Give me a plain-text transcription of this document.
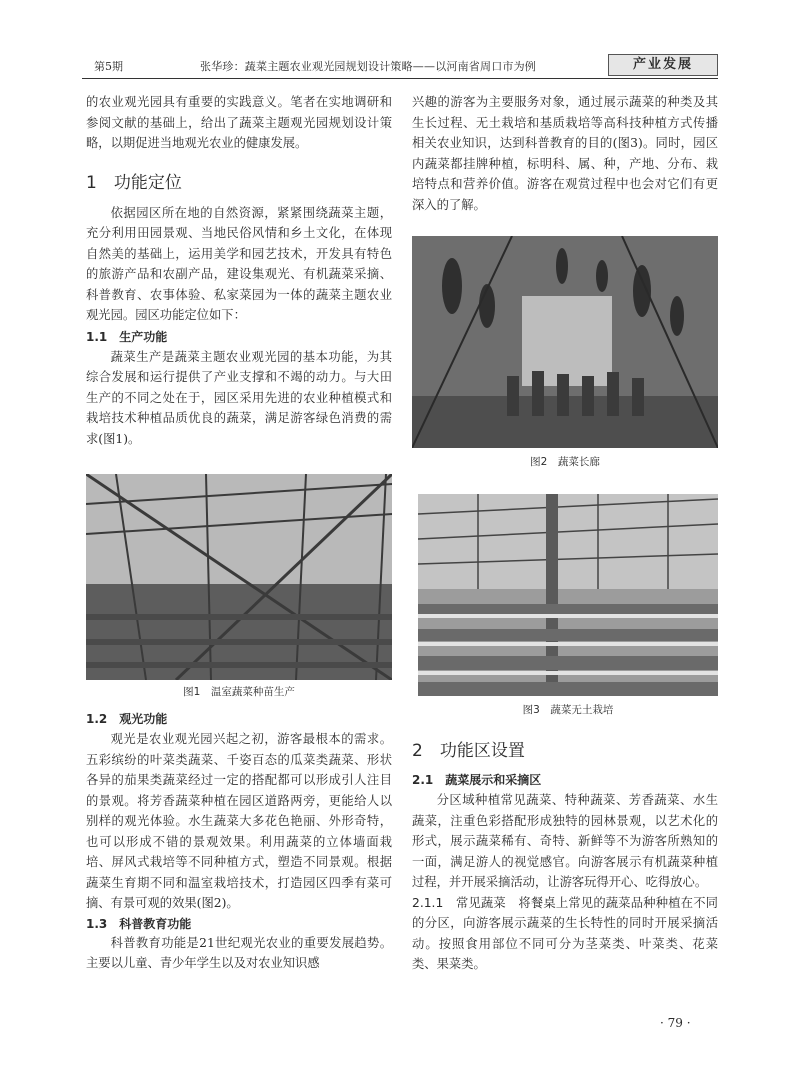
第5期	张华珍：蔬菜主题农业观光园规划设计策略——以河南省周口市为例	产业发展

的农业观光园具有重要的实践意义。笔者在实地调研和参阅文献的基础上，给出了蔬菜主题观光园规划设计策略，以期促进当地观光农业的健康发展。

1　功能定位

依据园区所在地的自然资源，紧紧围绕蔬菜主题，充分利用田园景观、当地民俗风情和乡土文化，在体现自然美的基础上，运用美学和园艺技术，开发具有特色的旅游产品和农副产品，建设集观光、有机蔬菜采摘、科普教育、农事体验、私家菜园为一体的蔬菜主题农业观光园。园区功能定位如下：

1.1　生产功能

蔬菜生产是蔬菜主题农业观光园的基本功能，为其综合发展和运行提供了产业支撑和不竭的动力。与大田生产的不同之处在于，园区采用先进的农业种植模式和栽培技术种植品质优良的蔬菜，满足游客绿色消费的需求(图1)。

图1　温室蔬菜种苗生产
1.2　观光功能

观光是农业观光园兴起之初，游客最根本的需求。五彩缤纷的叶菜类蔬菜、千姿百态的瓜菜类蔬菜、形状各异的茄果类蔬菜经过一定的搭配都可以形成引人注目的景观。将芳香蔬菜种植在园区道路两旁，更能给人以别样的观光体验。水生蔬菜大多花色艳丽、外形奇特，也可以形成不错的景观效果。利用蔬菜的立体墙面栽培、屏风式栽培等不同种植方式，塑造不同景观。根据蔬菜生育期不同和温室栽培技术，打造园区四季有菜可摘、有景可观的效果(图2)。

1.3　科普教育功能

科普教育功能是21世纪观光农业的重要发展趋势。主要以儿童、青少年学生以及对农业知识感

兴趣的游客为主要服务对象，通过展示蔬菜的种类及其生长过程、无土栽培和基质栽培等高科技种植方式传播相关农业知识，达到科普教育的目的(图3)。同时，园区内蔬菜都挂牌种植，标明科、属、种，产地、分布、栽培特点和营养价值。游客在观赏过程中也会对它们有更深入的了解。

图2　蔬菜长廊
图3　蔬菜无土栽培
2　功能区设置
2.1　蔬菜展示和采摘区

分区域种植常见蔬菜、特种蔬菜、芳香蔬菜、水生蔬菜，注重色彩搭配形成独特的园林景观，以艺术化的形式，展示蔬菜稀有、奇特、新鲜等不为游客所熟知的一面，满足游人的视觉感官。向游客展示有机蔬菜种植过程，并开展采摘活动，让游客玩得开心、吃得放心。

2.1.1　常见蔬菜　 将餐桌上常见的蔬菜品种种植在不同的分区，向游客展示蔬菜的生长特性的同时开展采摘活动。按照食用部位不同可分为茎菜类、叶菜类、花菜类、果菜类。

· 79 ·
